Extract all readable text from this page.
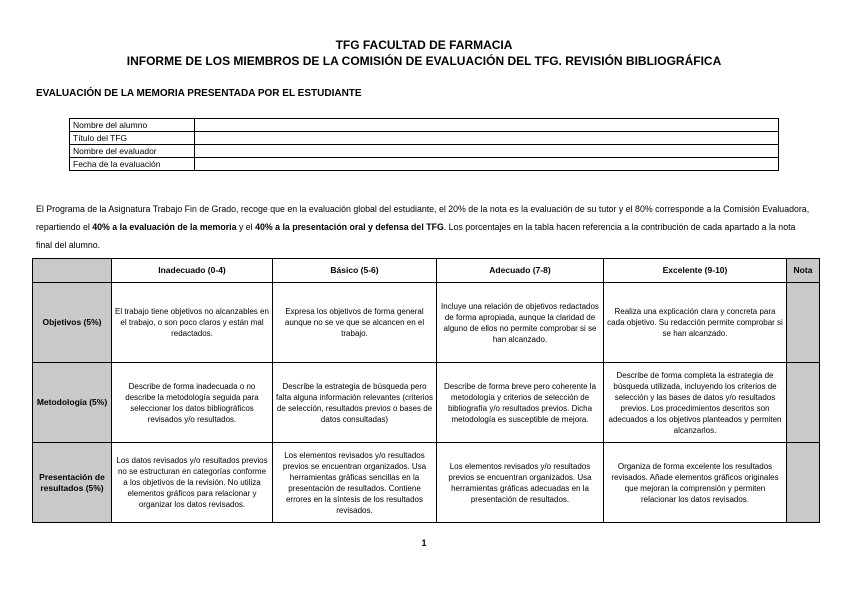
TFG FACULTAD DE FARMACIA
INFORME DE LOS MIEMBROS DE LA COMISIÓN DE EVALUACIÓN DEL TFG. REVISIÓN BIBLIOGRÁFICA
EVALUACIÓN DE LA MEMORIA PRESENTADA POR EL ESTUDIANTE
Nombre del alumno	
Título del TFG	
Nombre del evaluador	
Fecha de la evaluación	

El Programa de la Asignatura Trabajo Fin de Grado, recoge que en la evaluación global del estudiante, el 20% de la nota es la evaluación de su tutor y el 80% corresponde a la Comisión Evaluadora, repartiendo el 40% a la evaluación de la memoria y el 40% a la presentación oral y defensa del TFG. Los porcentajes en la tabla hacen referencia a la contribución de cada apartado a la nota final del alumno.

	Inadecuado (0-4)	Básico (5-6)	Adecuado (7-8)	Excelente (9-10)	Nota
Objetivos (5%)	El trabajo tiene objetivos no alcanzables en el trabajo, o son poco claros y están mal redactados.	Expresa los objetivos de forma general aunque no se ve que se alcancen en el trabajo.	Incluye una relación de objetivos redactados de forma apropiada, aunque la claridad de alguno de ellos no permite comprobar si se han alcanzado.	Realiza una explicación clara y concreta para cada objetivo. Su redacción permite comprobar si se han alcanzado.	
Metodología (5%)	Describe de forma inadecuada o no describe la metodología seguida para seleccionar los datos bibliográficos revisados y/o resultados.	Describe la estrategia de búsqueda pero falta alguna información relevantes (criterios de selección, resultados previos o bases de datos consultadas)	Describe de forma breve pero coherente la metodología y criterios de selección de bibliografía y/o resultados previos. Dicha metodología es susceptible de mejora.	Describe de forma completa la estrategia de búsqueda utilizada, incluyendo los criterios de selección y las bases de datos y/o resultados previos. Los procedimientos descritos son adecuados a los objetivos planteados y permiten alcanzarlos.	
Presentación de resultados (5%)	Los datos revisados y/o resultados previos no se estructuran en categorías conforme a los objetivos de la revisión. No utiliza elementos gráficos para relacionar y organizar los datos revisados.	Los elementos revisados y/o resultados previos se encuentran organizados. Usa herramientas gráficas sencillas en la presentación de resultados. Contiene errores en la síntesis de los resultados revisados.	Los elementos revisados y/o resultados previos se encuentran organizados. Usa herramientas gráficas adecuadas en la presentación de resultados.	Organiza de forma excelente los resultados revisados. Añade elementos gráficos originales que mejoran la comprensión y permiten relacionar los datos revisados.	
1
